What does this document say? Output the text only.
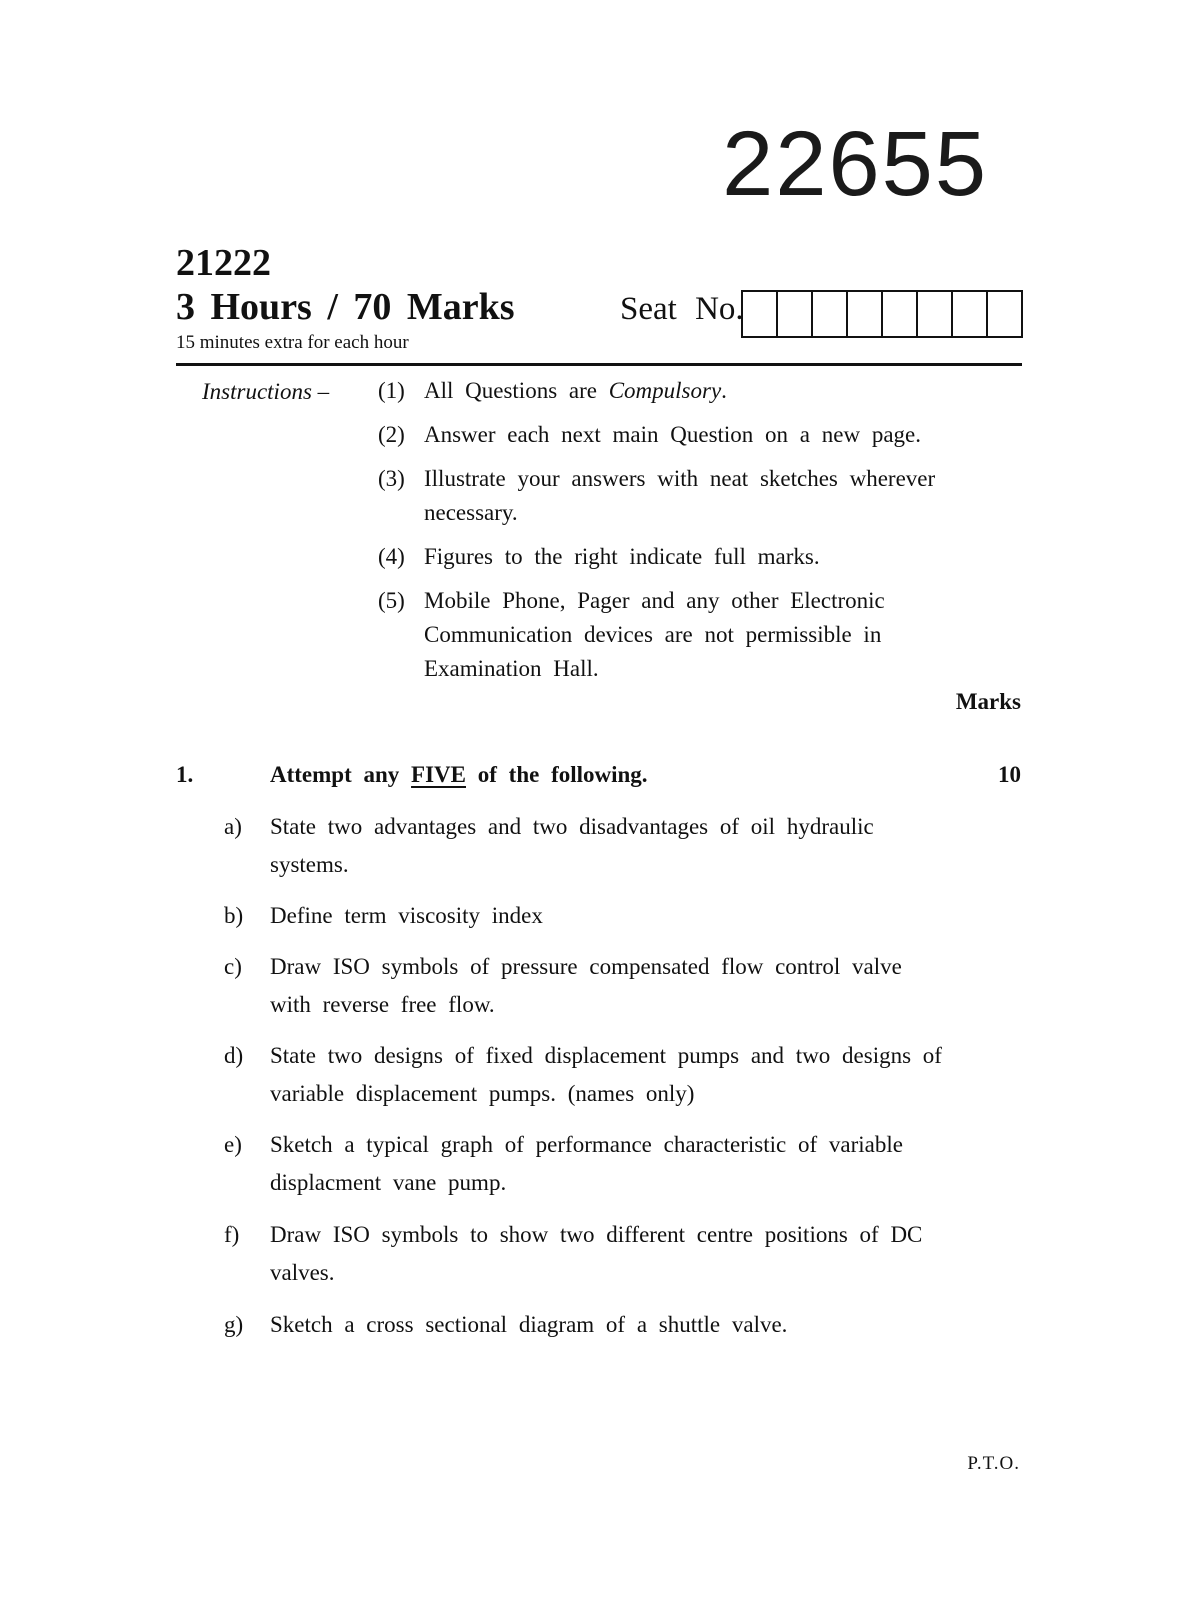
22655
21222
3 Hours / 70 Marks
15 minutes extra for each hour
Seat No.
Instructions – (1) All Questions are Compulsory.
(2) Answer each next main Question on a new page.
(3) Illustrate your answers with neat sketches wherever necessary.
(4) Figures to the right indicate full marks.
(5) Mobile Phone, Pager and any other Electronic Communication devices are not permissible in Examination Hall.
Marks
1.	Attempt any FIVE of the following.	10
a) State two advantages and two disadvantages of oil hydraulic systems.
b) Define term viscosity index
c) Draw ISO symbols of pressure compensated flow control valve with reverse free flow.
d) State two designs of fixed displacement pumps and two designs of variable displacement pumps. (names only)
e) Sketch a typical graph of performance characteristic of variable displacment vane pump.
f) Draw ISO symbols to show two different centre positions of DC valves.
g) Sketch a cross sectional diagram of a shuttle valve.
P.T.O.
